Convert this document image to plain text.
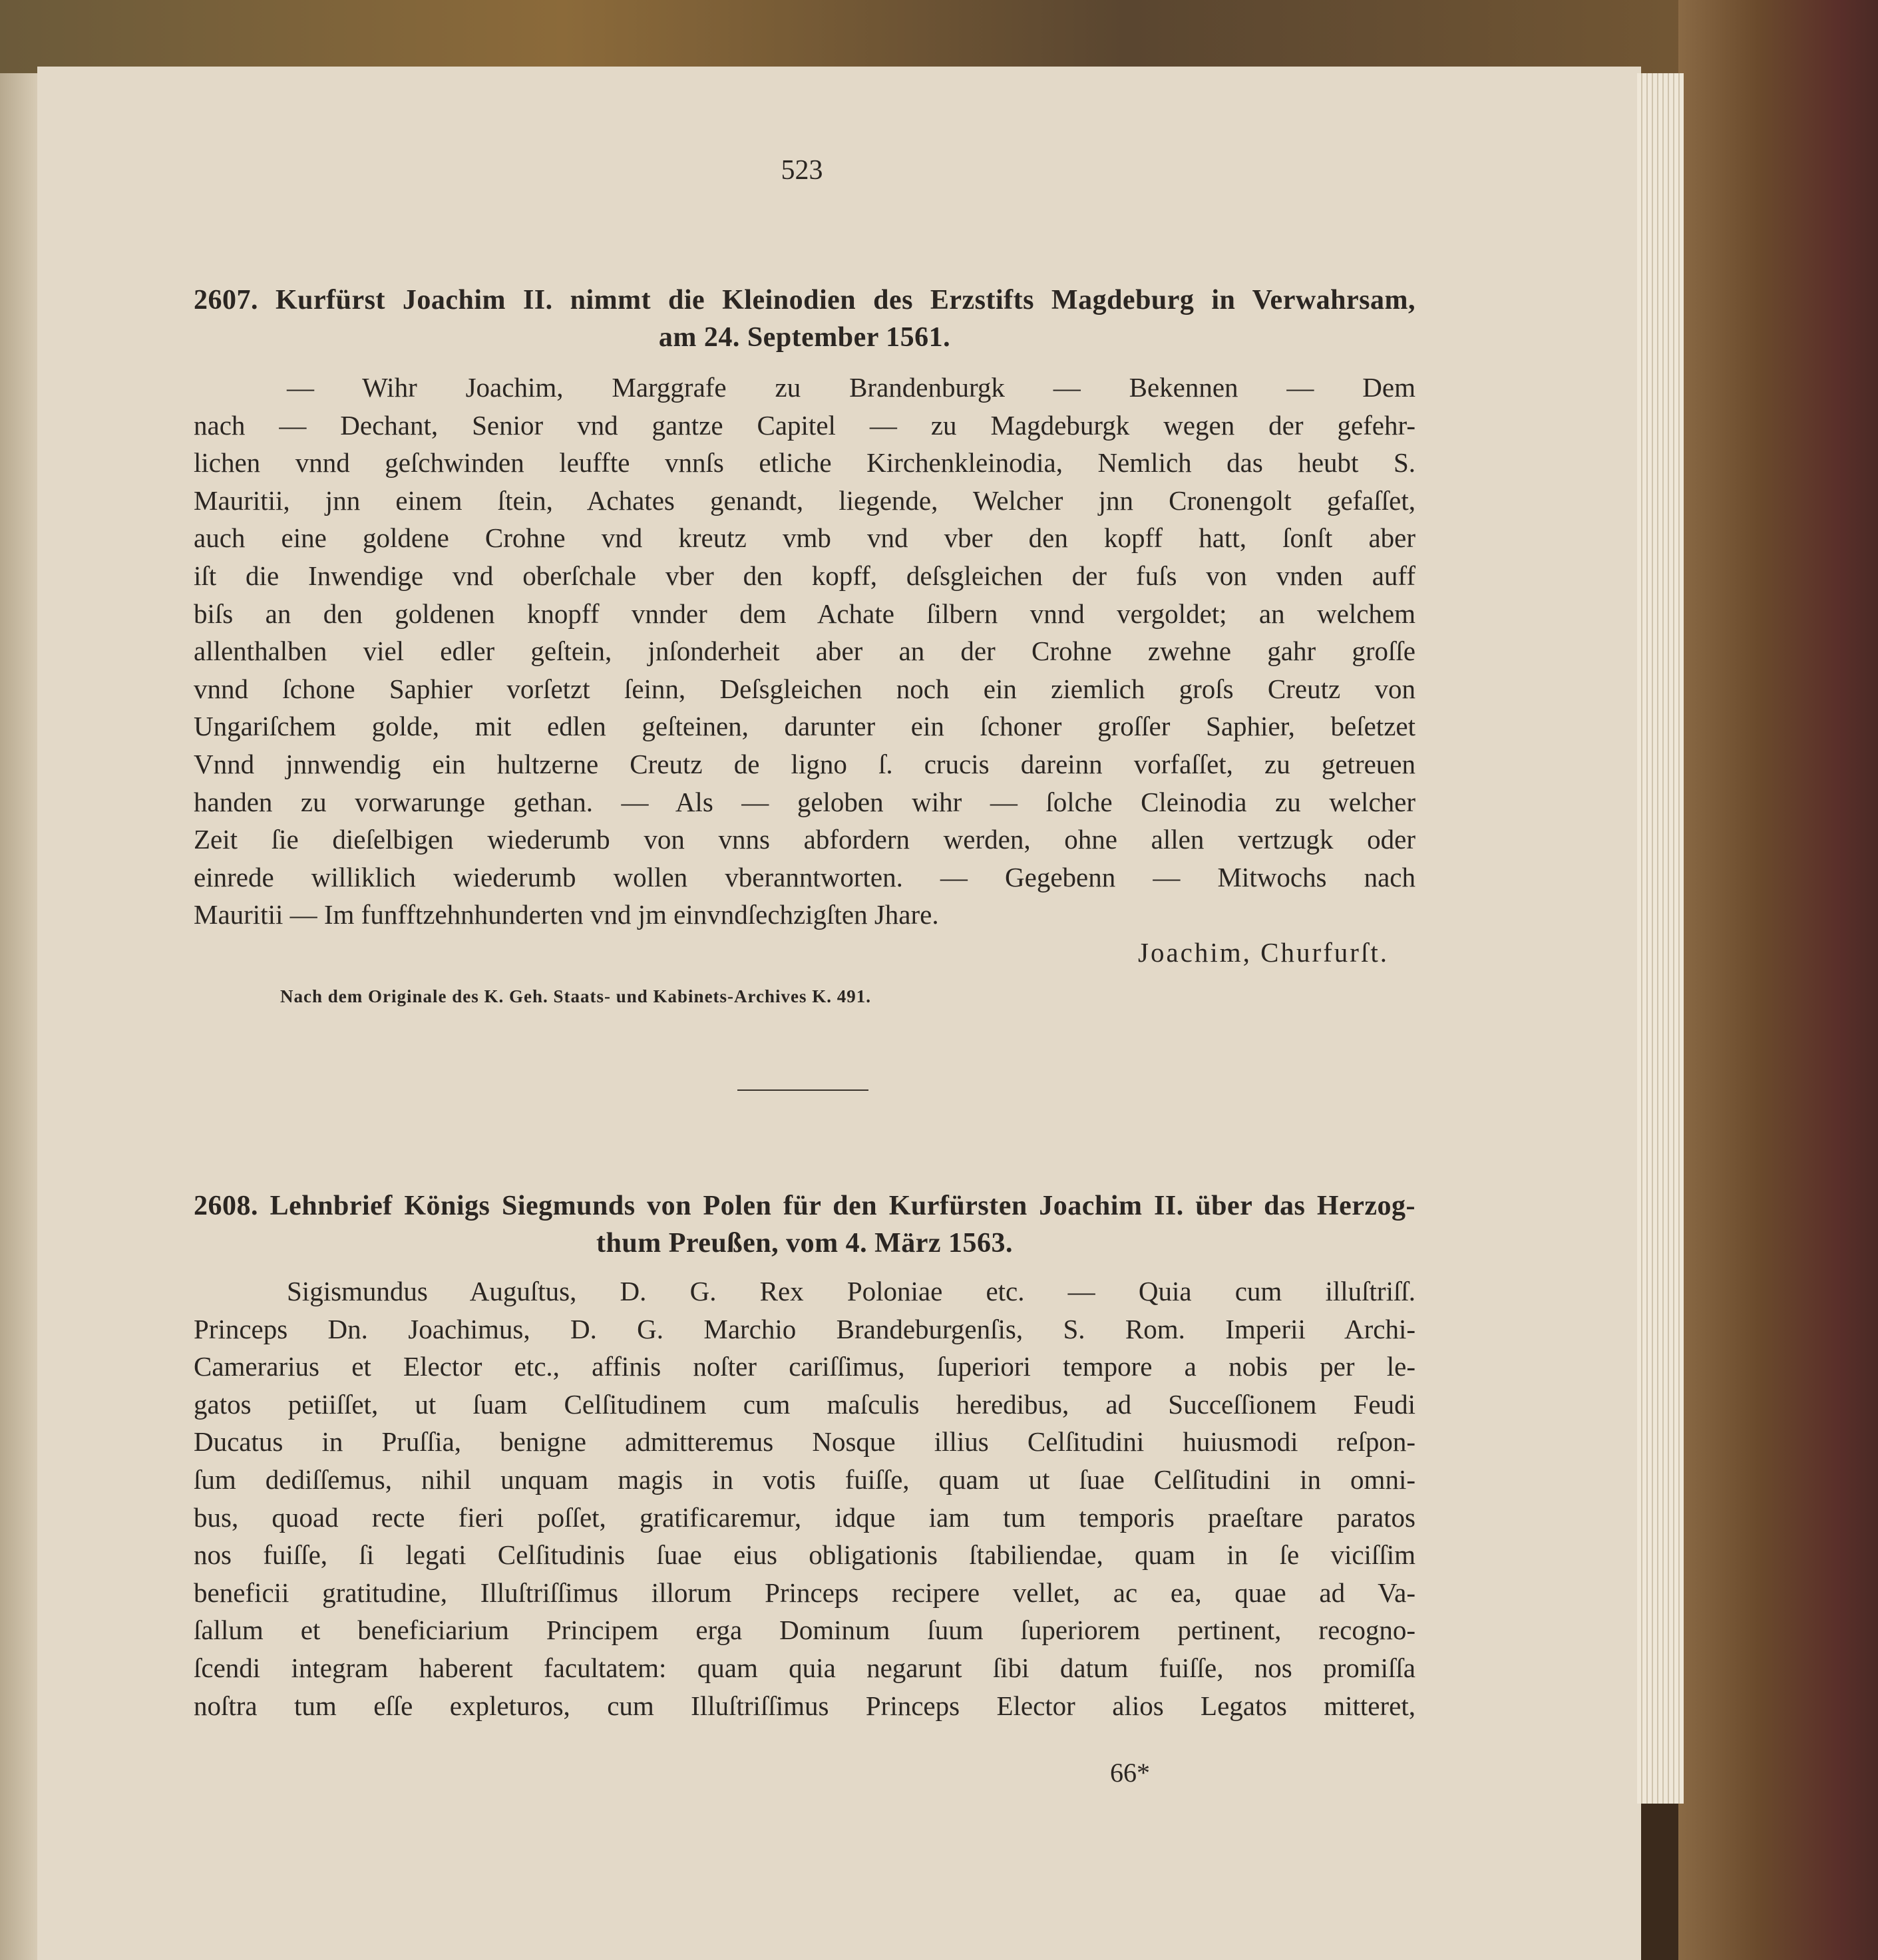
523
2607. Kurfürst Joachim II. nimmt die Kleinodien des Erzstifts Magdeburg in Verwahrsam,
am 24. September 1561.
— Wihr Joachim, Marggrafe zu Brandenburgk — Bekennen — Dem
nach — Dechant, Senior vnd gantze Capitel — zu Magdeburgk wegen der gefehr-
lichen vnnd geſchwinden leuffte vnnſs etliche Kirchenkleinodia, Nemlich das heubt S.
Mauritii, jnn einem ſtein, Achates genandt, liegende, Welcher jnn Cronengolt gefaſſet,
auch eine goldene Crohne vnd kreutz vmb vnd vber den kopff hatt, ſonſt aber
iſt die Inwendige vnd oberſchale vber den kopff, deſsgleichen der fuſs von vnden auff
biſs an den goldenen knopff vnnder dem Achate ſilbern vnnd vergoldet; an welchem
allenthalben viel edler geſtein, jnſonderheit aber an der Crohne zwehne gahr groſſe
vnnd ſchone Saphier vorſetzt ſeinn, Deſsgleichen noch ein ziemlich groſs Creutz von
Ungariſchem golde, mit edlen geſteinen, darunter ein ſchoner groſſer Saphier, beſetzet
Vnnd jnnwendig ein hultzerne Creutz de ligno ſ. crucis dareinn vorfaſſet, zu getreuen
handen zu vorwarunge gethan. — Als — geloben wihr — ſolche Cleinodia zu welcher
Zeit ſie dieſelbigen wiederumb von vnns abfordern werden, ohne allen vertzugk oder
einrede williklich wiederumb wollen vberanntworten. — Gegebenn — Mitwochs nach
Mauritii — Im funfftzehnhunderten vnd jm einvndſechzigſten Jhare.
Joachim, Churfurſt.
Nach dem Originale des K. Geh. Staats- und Kabinets-Archives K. 491.
2608. Lehnbrief Königs Siegmunds von Polen für den Kurfürsten Joachim II. über das Herzog-
thum Preußen, vom 4. März 1563.
Sigismundus Auguſtus, D. G. Rex Poloniae etc. — Quia cum illuſtriſſ.
Princeps Dn. Joachimus, D. G. Marchio Brandeburgenſis, S. Rom. Imperii Archi-
Camerarius et Elector etc., affinis noſter cariſſimus, ſuperiori tempore a nobis per le-
gatos petiiſſet, ut ſuam Celſitudinem cum maſculis heredibus, ad Succeſſionem Feudi
Ducatus in Pruſſia, benigne admitteremus Nosque illius Celſitudini huiusmodi reſpon-
ſum dediſſemus, nihil unquam magis in votis fuiſſe, quam ut ſuae Celſitudini in omni-
bus, quoad recte fieri poſſet, gratificaremur, idque iam tum temporis praeſtare paratos
nos fuiſſe, ſi legati Celſitudinis ſuae eius obligationis ſtabiliendae, quam in ſe viciſſim
beneficii gratitudine, Illuſtriſſimus illorum Princeps recipere vellet, ac ea, quae ad Va-
ſallum et beneficiarium Principem erga Dominum ſuum ſuperiorem pertinent, recogno-
ſcendi integram haberent facultatem: quam quia negarunt ſibi datum fuiſſe, nos promiſſa
noſtra tum eſſe expleturos, cum Illuſtriſſimus Princeps Elector alios Legatos mitteret,
66*
